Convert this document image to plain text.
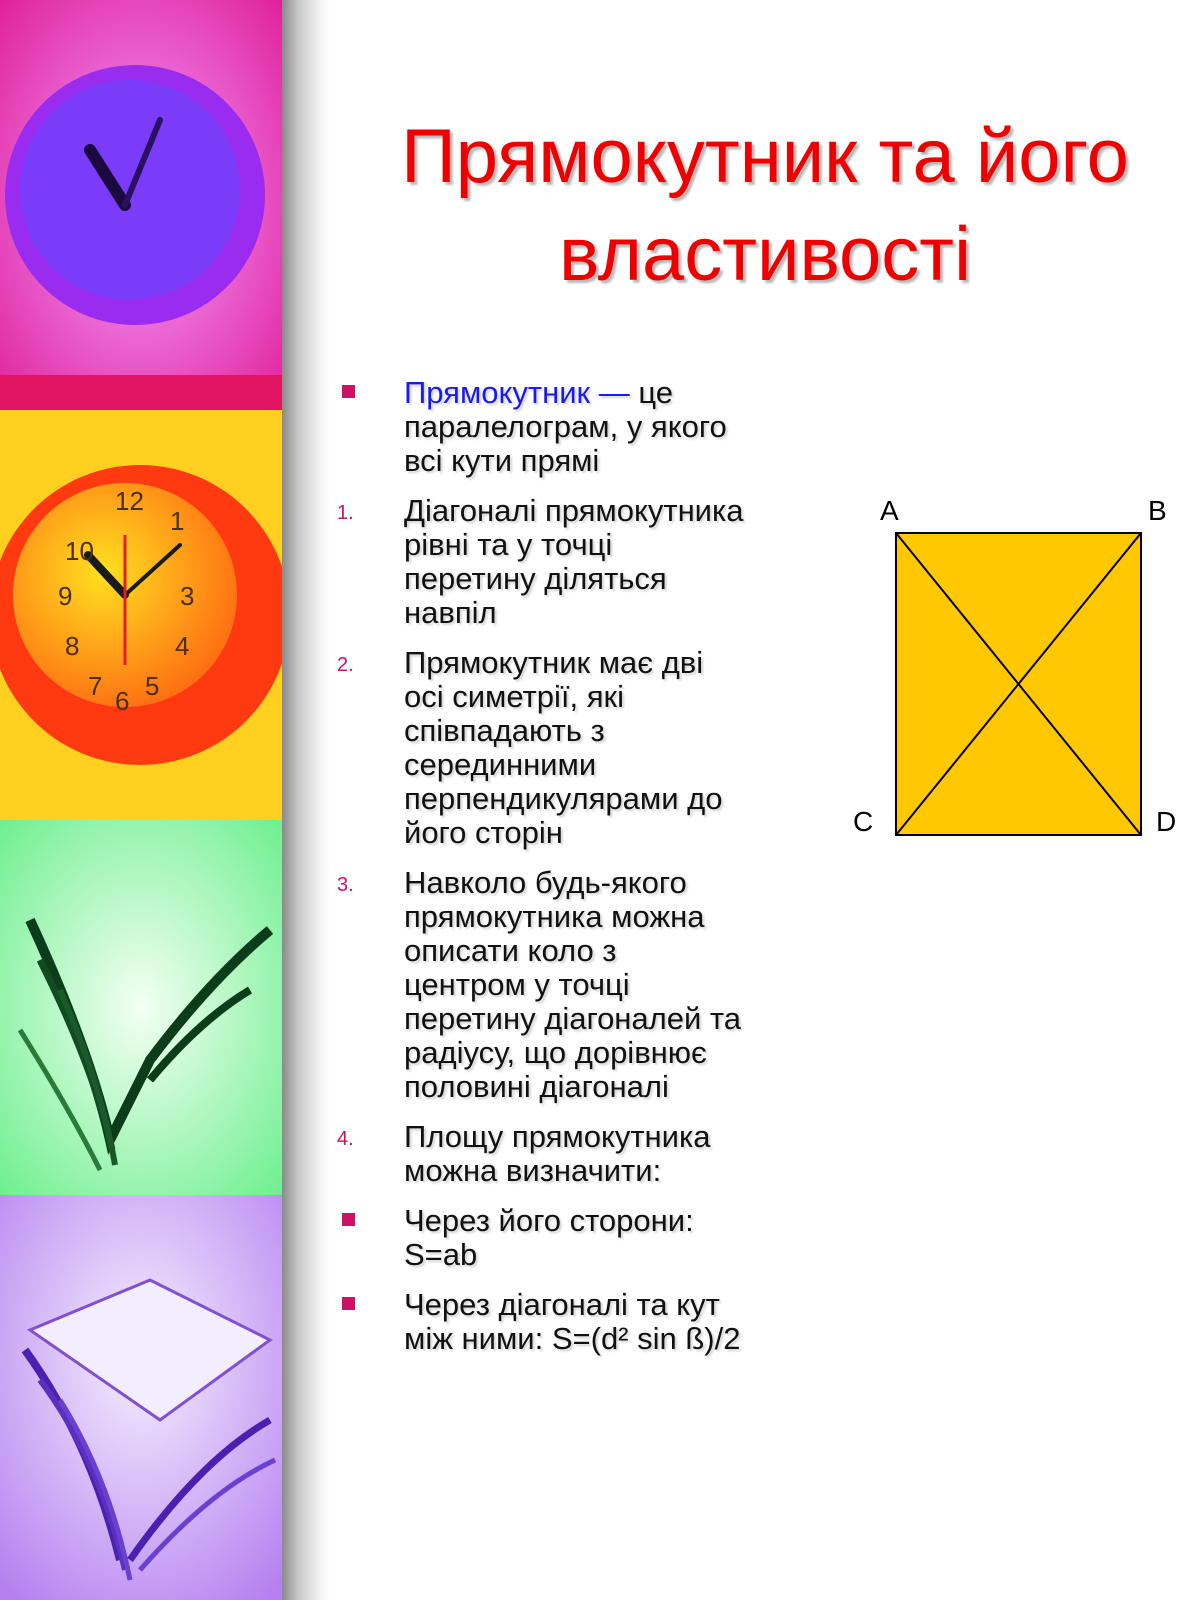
12
1
10
9	3
8	4
7 6 5
Прямокутник та його
властивості
Прямокутник — це
паралелограм, у якого
всі кути прямі
1. Діагоналі прямокутника
рівні та у точці
перетину діляться
навпіл
2. Прямокутник має дві
осі симетрії, які
співпадають з
серединними
перпендикулярами до
його сторін
3. Навколо будь-якого
прямокутника можна
описати коло з
центром у точці
перетину діагоналей та
радіусу, що дорівнює
половині діагоналі
4. Площу прямокутника
можна визначити:
Через його сторони:
S=ab
Через діагоналі та кут
між ними: S=(d² sin ß)/2
A	B
C	D
